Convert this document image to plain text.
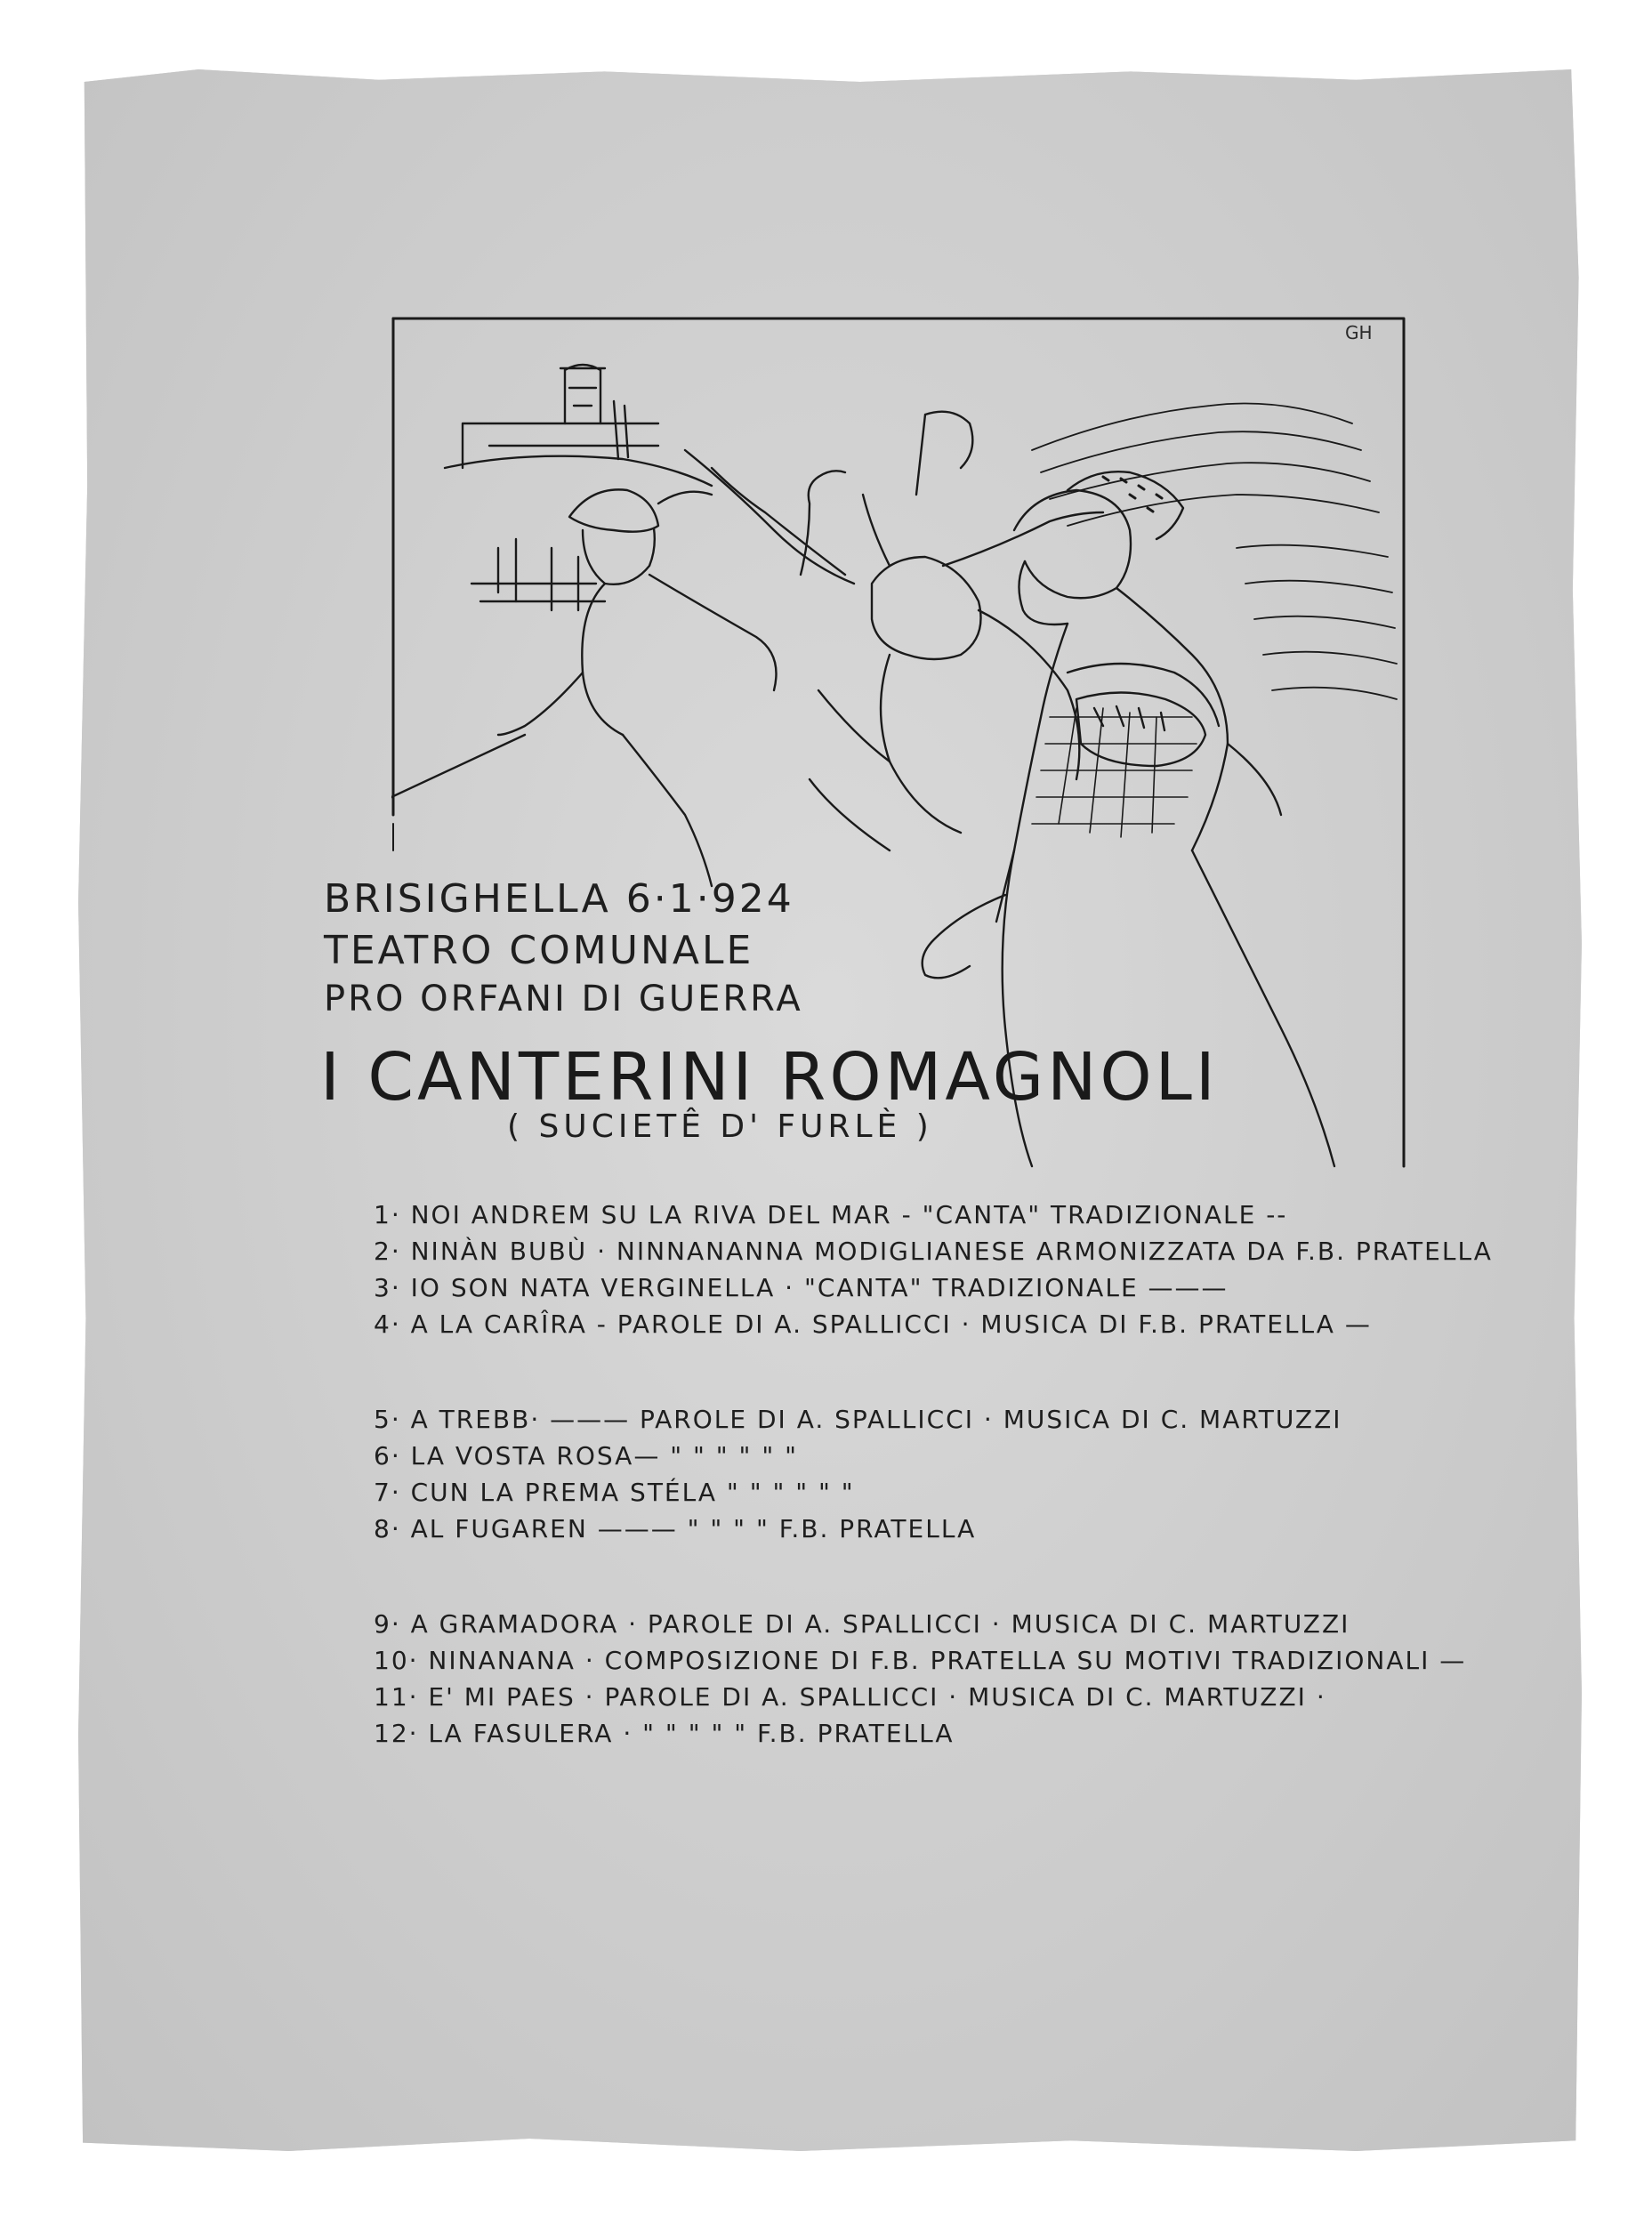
GH
BRISIGHELLA 6·1·924
TEATRO COMUNALE
PRO ORFANI DI GUERRA
I CANTERINI ROMAGNOLI
( SUCIETÊ D' FURLÈ )
1· NOI ANDREM SU LA RIVA DEL MAR - "CANTA" TRADIZIONALE --
2· NINÀN BUBÙ · NINNANANNA MODIGLIANESE ARMONIZZATA DA F.B. PRATELLA
3· IO SON NATA VERGINELLA · "CANTA" TRADIZIONALE ———
4· A LA CARÎRA - PAROLE DI A. SPALLICCI · MUSICA DI F.B. PRATELLA —
5· A TREBB· ——— PAROLE DI A. SPALLICCI · MUSICA DI C. MARTUZZI
6· LA VOSTA ROSA— " " " " " "
7· CUN LA PREMA STÉLA " " " " " "
8· AL FUGAREN ——— " " " " F.B. PRATELLA
9· A GRAMADORA · PAROLE DI A. SPALLICCI · MUSICA DI C. MARTUZZI
10· NINANANA · COMPOSIZIONE DI F.B. PRATELLA SU MOTIVI TRADIZIONALI —
11· E' MI PAES · PAROLE DI A. SPALLICCI · MUSICA DI C. MARTUZZI ·
12· LA FASULERA · " " " " " F.B. PRATELLA
